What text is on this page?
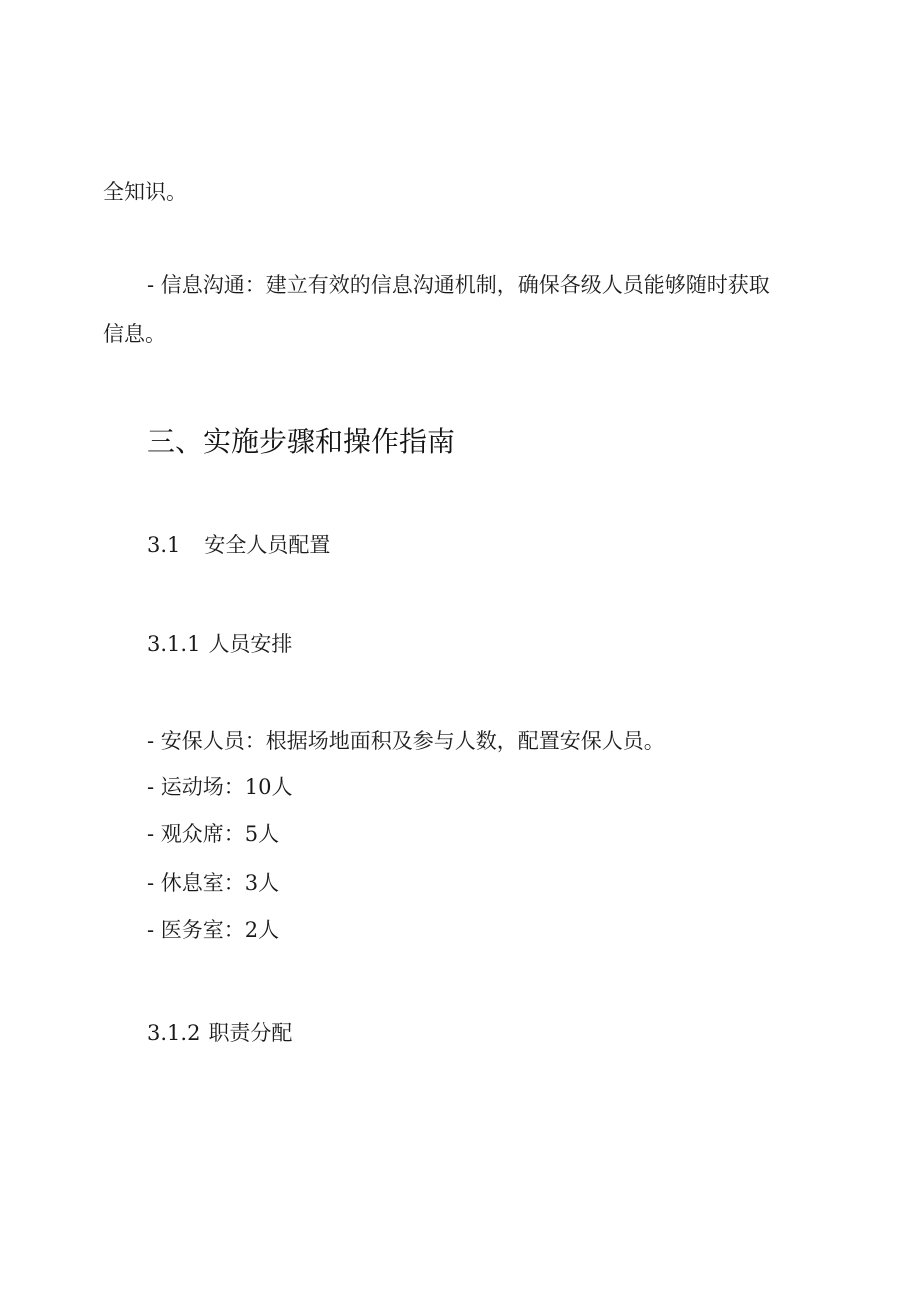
全知识。
- 信息沟通：建立有效的信息沟通机制，确保各级人员能够随时获取
信息。
三、实施步骤和操作指南
3.1 安全人员配置
3.1.1 人员安排
- 安保人员：根据场地面积及参与人数，配置安保人员。
- 运动场：10人
- 观众席：5人
- 休息室：3人
- 医务室：2人
3.1.2 职责分配
